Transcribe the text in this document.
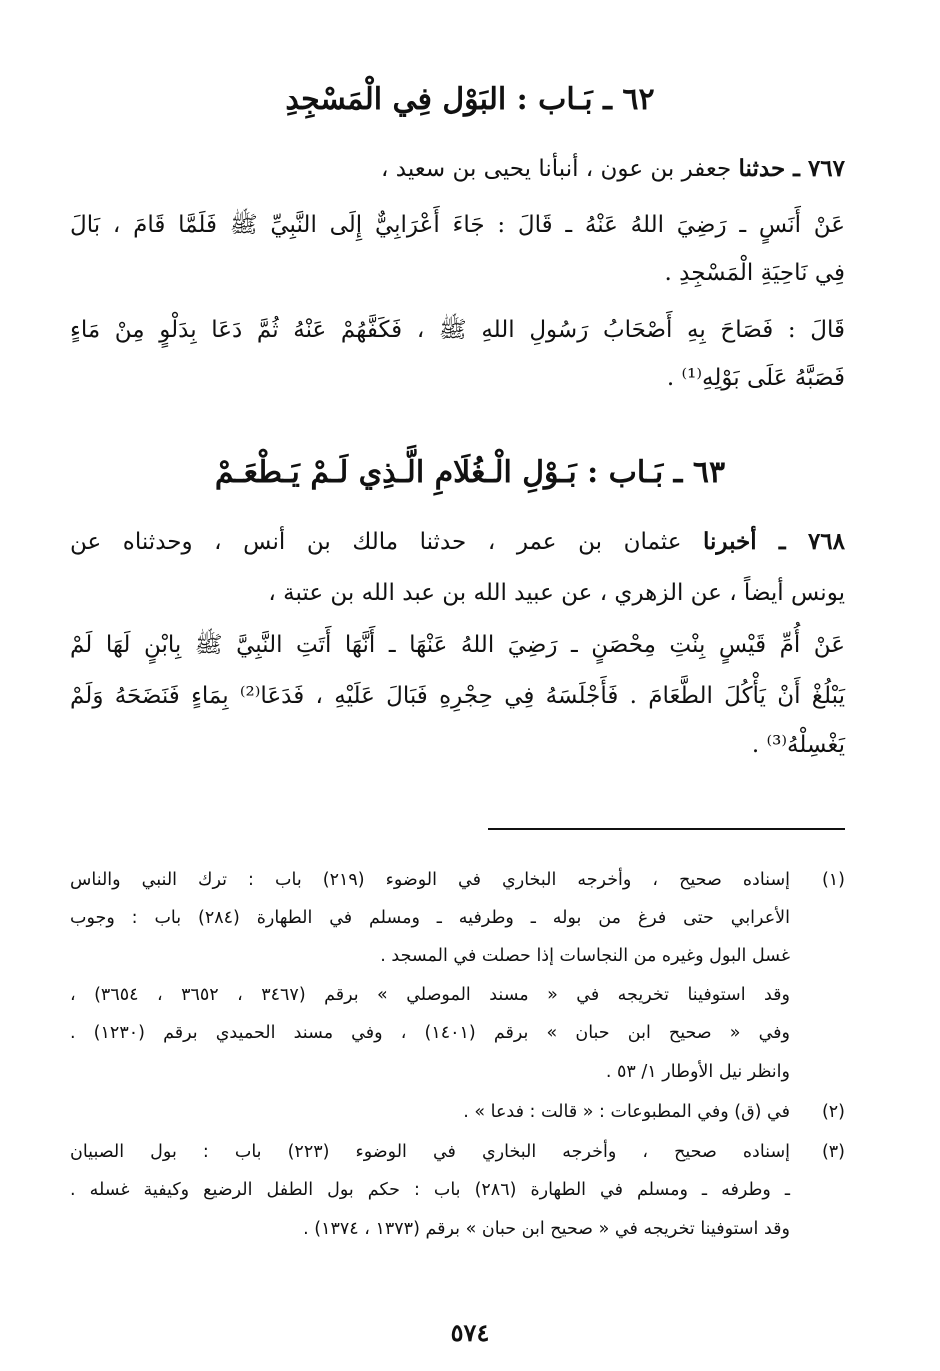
٦٢ ـ بَـاب : البَوْل فِي الْمَسْجِدِ
٧٦٧ ـ حدثنا جعفر بن عون ، أنبأنا يحيى بن سعيد ،
عَنْ أَنَسٍ ـ رَضِيَ اللهُ عَنْهُ ـ قَالَ : جَاءَ أَعْرَابِيٌّ إِلَى النَّبِيِّ ﷺ فَلَمَّا قَامَ ، بَالَ
فِي نَاحِيَةِ الْمَسْجِدِ .
قَالَ : فَصَاحَ بِهِ أَصْحَابُ رَسُولِ اللهِ ﷺ ، فَكَفَّهُمْ عَنْهُ ثُمَّ دَعَا بِدَلْوٍ مِنْ مَاءٍ
فَصَبَّهُ عَلَى بَوْلِهِ⁽¹⁾ .
٦٣ ـ بَـاب : بَـوْلِ الْـغُلَامِ الَّـذِي لَـمْ يَـطْعَـمْ
٧٦٨ ـ أخبرنا عثمان بن عمر ، حدثنا مالك بن أنس ، وحدثناه عن
يونس أيضاً ، عن الزهري ، عن عبيد الله بن عبد الله بن عتبة ،
عَنْ أُمِّ قَيْسٍ بِنْتِ مِحْصَنٍ ـ رَضِيَ اللهُ عَنْهَا ـ أَنَّهَا أَتَتِ النَّبِيَّ ﷺ بِابْنٍ لَهَا لَمْ
يَبْلُغْ أَنْ يَأْكُلَ الطَّعَامَ . فَأَجْلَسَهُ فِي حِجْرِهِ فَبَالَ عَلَيْهِ ، فَدَعَا⁽²⁾ بِمَاءٍ فَنَضَحَهُ وَلَمْ
يَغْسِلْهُ⁽³⁾ .
(١)
إسناده صحيح ، وأخرجه البخاري في الوضوء (٢١٩) باب : ترك النبي والناس
الأعرابي حتى فرغ من بوله ـ وطرفيه ـ ومسلم في الطهارة (٢٨٤) باب : وجوب
غسل البول وغيره من النجاسات إذا حصلت في المسجد .
وقد استوفينا تخريجه في « مسند الموصلي » برقم (٣٤٦٧ ، ٣٦٥٢ ، ٣٦٥٤) ،
وفي « صحيح ابن حبان » برقم (١٤٠١) ، وفي مسند الحميدي برقم (١٢٣٠) .
وانظر نيل الأوطار ١/ ٥٣ .
(٢)
في (ق) وفي المطبوعات : « قالت : فدعا » .
(٣)
إسناده صحيح ، وأخرجه البخاري في الوضوء (٢٢٣) باب : بول الصبيان
ـ وطرفه ـ ومسلم في الطهارة (٢٨٦) باب : حكم بول الطفل الرضيع وكيفية غسله .
وقد استوفينا تخريجه في « صحيح ابن حبان » برقم (١٣٧٣ ، ١٣٧٤) .
٥٧٤
